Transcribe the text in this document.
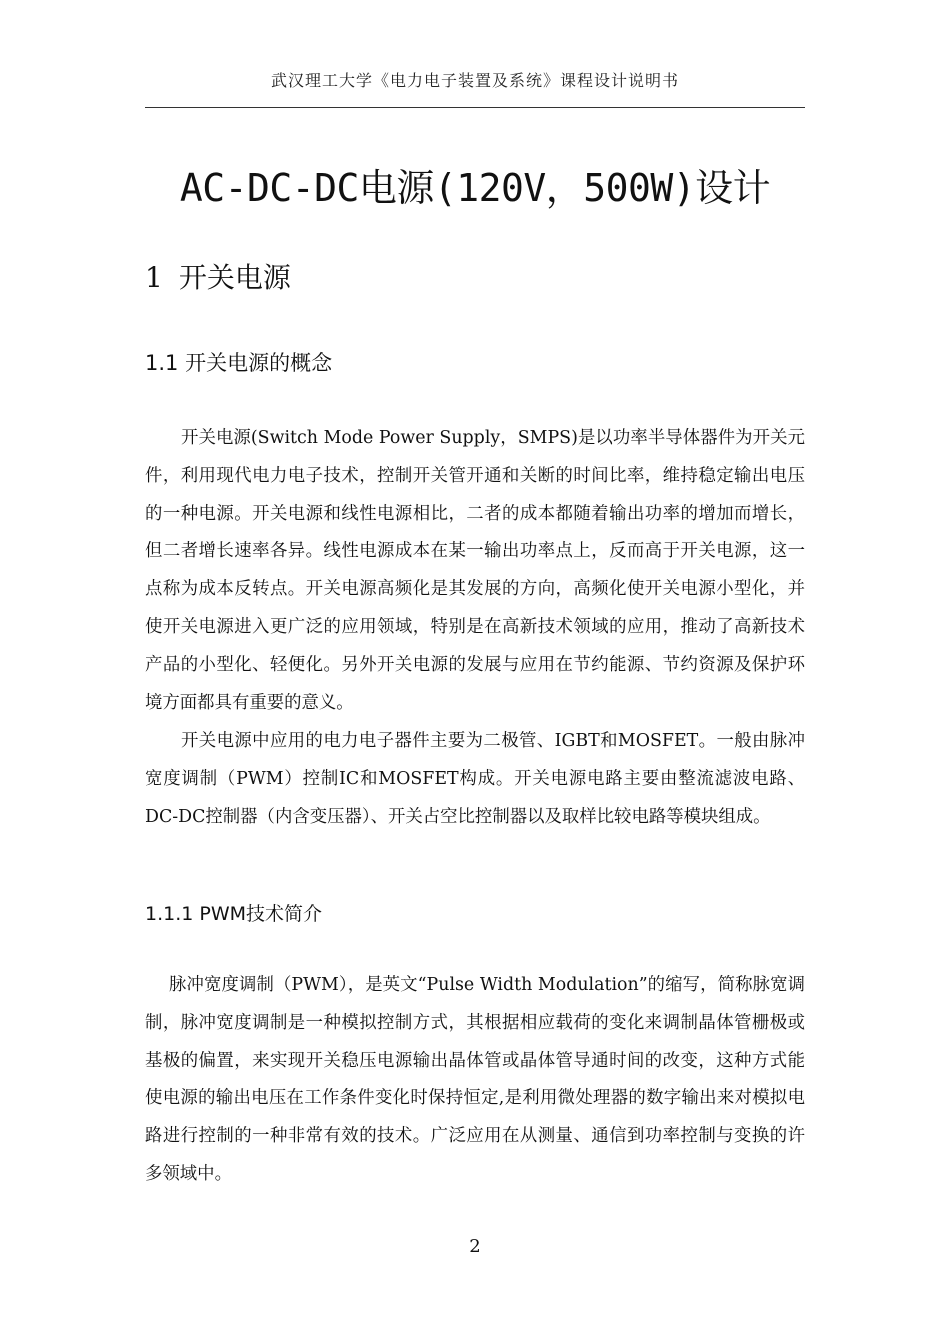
武汉理工大学《电力电子装置及系统》课程设计说明书
AC-DC-DC电源(120V，500W)设计
1 开关电源
1.1 开关电源的概念

开关电源(Switch Mode Power Supply，SMPS)是以功率半导体器件为开关元件，利用现代电力电子技术，控制开关管开通和关断的时间比率，维持稳定输出电压的一种电源。开关电源和线性电源相比，二者的成本都随着输出功率的增加而增长，但二者增长速率各异。线性电源成本在某一输出功率点上，反而高于开关电源，这一点称为成本反转点。开关电源高频化是其发展的方向，高频化使开关电源小型化，并使开关电源进入更广泛的应用领域，特别是在高新技术领域的应用，推动了高新技术产品的小型化、轻便化。另外开关电源的发展与应用在节约能源、节约资源及保护环境方面都具有重要的意义。

开关电源中应用的电力电子器件主要为二极管、IGBT和MOSFET。一般由脉冲宽度调制（PWM）控制IC和MOSFET构成。开关电源电路主要由整流滤波电路、DC-DC控制器（内含变压器）、开关占空比控制器以及取样比较电路等模块组成。

1.1.1 PWM技术简介

脉冲宽度调制（PWM），是英文“Pulse Width Modulation”的缩写，简称脉宽调制，脉冲宽度调制是一种模拟控制方式，其根据相应载荷的变化来调制晶体管栅极或基极的偏置，来实现开关稳压电源输出晶体管或晶体管导通时间的改变，这种方式能使电源的输出电压在工作条件变化时保持恒定,是利用微处理器的数字输出来对模拟电路进行控制的一种非常有效的技术。广泛应用在从测量、通信到功率控制与变换的许多领域中。

2
